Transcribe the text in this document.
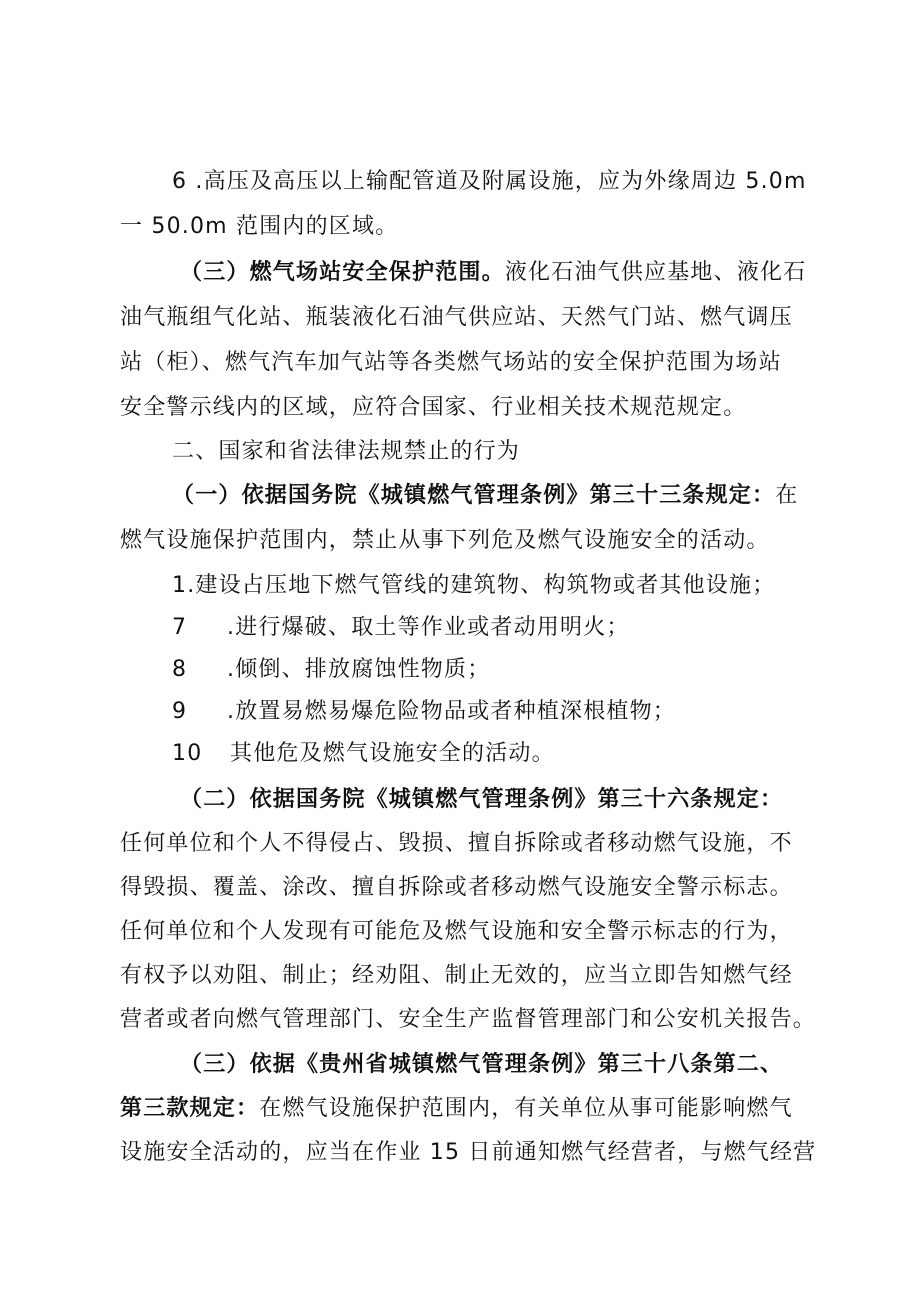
6 .高压及高压以上输配管道及附属设施，应为外缘周边 5.0m
一 50.0m 范围内的区域。
（三）燃气场站安全保护范围。液化石油气供应基地、液化石
油气瓶组气化站、瓶装液化石油气供应站、天然气门站、燃气调压
站（柜）、燃气汽车加气站等各类燃气场站的安全保护范围为场站
安全警示线内的区域，应符合国家、行业相关技术规范规定。
二、国家和省法律法规禁止的行为
（一）依据国务院《城镇燃气管理条例》第三十三条规定：在
燃气设施保护范围内，禁止从事下列危及燃气设施安全的活动。
1.建设占压地下燃气管线的建筑物、构筑物或者其他设施；
7 .进行爆破、取土等作业或者动用明火；
8 .倾倒、排放腐蚀性物质；
9 .放置易燃易爆危险物品或者种植深根植物；
10 其他危及燃气设施安全的活动。
（二）依据国务院《城镇燃气管理条例》第三十六条规定：
任何单位和个人不得侵占、毁损、擅自拆除或者移动燃气设施，不
得毁损、覆盖、涂改、擅自拆除或者移动燃气设施安全警示标志。
任何单位和个人发现有可能危及燃气设施和安全警示标志的行为，
有权予以劝阻、制止；经劝阻、制止无效的，应当立即告知燃气经
营者或者向燃气管理部门、安全生产监督管理部门和公安机关报告。
（三）依据《贵州省城镇燃气管理条例》第三十八条第二、
第三款规定：在燃气设施保护范围内，有关单位从事可能影响燃气
设施安全活动的，应当在作业 15 日前通知燃气经营者，与燃气经营
